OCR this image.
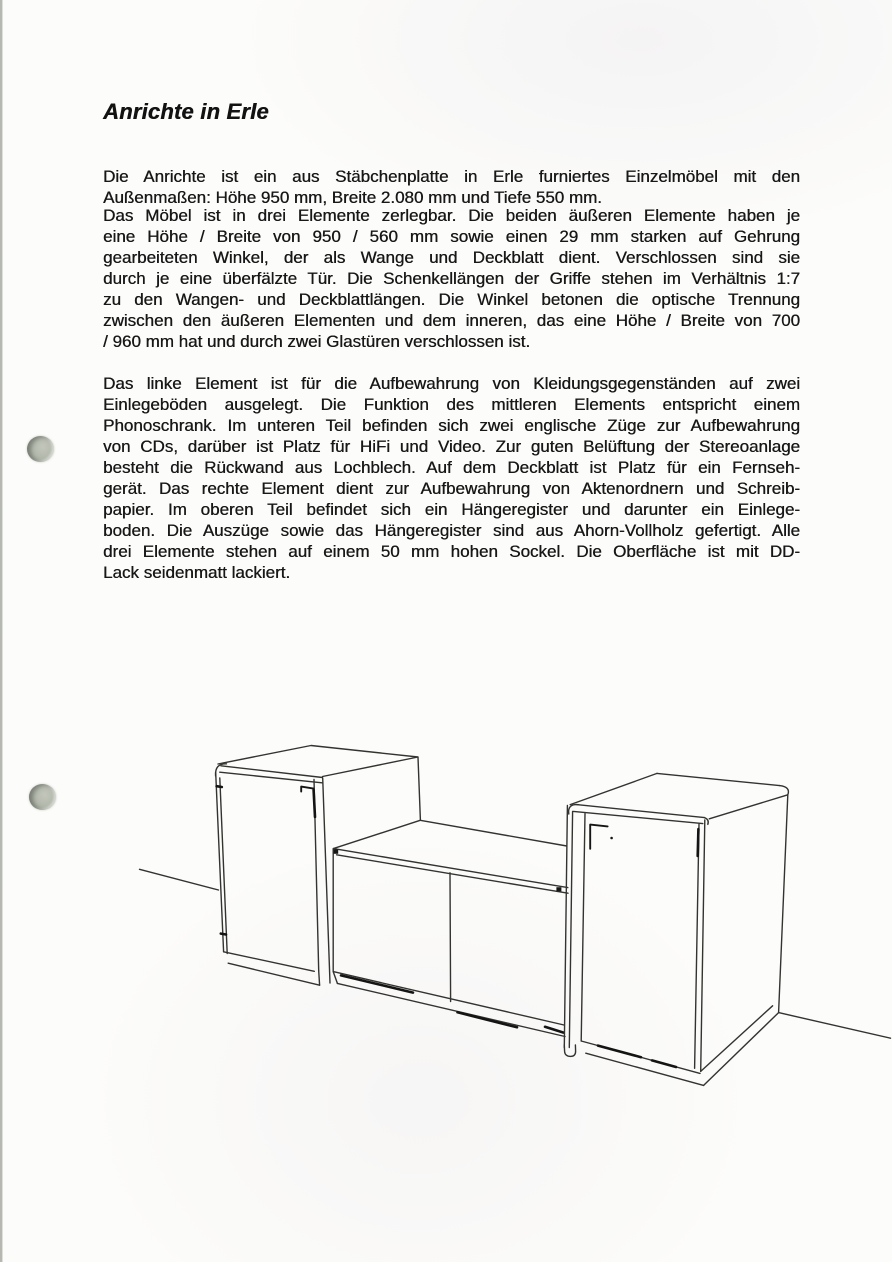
Anrichte in Erle
Die Anrichte ist ein aus Stäbchenplatte in Erle furniertes Einzelmöbel mit den
Außenmaßen: Höhe 950 mm, Breite 2.080 mm und Tiefe 550 mm.
Das Möbel ist in drei Elemente zerlegbar. Die beiden äußeren Elemente haben je
eine Höhe / Breite von 950 / 560 mm sowie einen 29 mm starken auf Gehrung
gearbeiteten Winkel, der als Wange und Deckblatt dient. Verschlossen sind sie
durch je eine überfälzte Tür. Die Schenkellängen der Griffe stehen im Verhältnis 1:7
zu den Wangen- und Deckblattlängen. Die Winkel betonen die optische Trennung
zwischen den äußeren Elementen und dem inneren, das eine Höhe / Breite von 700
/ 960 mm hat und durch zwei Glastüren verschlossen ist.
Das linke Element ist für die Aufbewahrung von Kleidungsgegenständen auf zwei
Einlegeböden ausgelegt. Die Funktion des mittleren Elements entspricht einem
Phonoschrank. Im unteren Teil befinden sich zwei englische Züge zur Aufbewahrung
von CDs, darüber ist Platz für HiFi und Video. Zur guten Belüftung der Stereoanlage
besteht die Rückwand aus Lochblech. Auf dem Deckblatt ist Platz für ein Fernseh-
gerät. Das rechte Element dient zur Aufbewahrung von Aktenordnern und Schreib-
papier. Im oberen Teil befindet sich ein Hängeregister und darunter ein Einlege-
boden. Die Auszüge sowie das Hängeregister sind aus Ahorn-Vollholz gefertigt. Alle
drei Elemente stehen auf einem 50 mm hohen Sockel. Die Oberfläche ist mit DD-
Lack seidenmatt lackiert.
